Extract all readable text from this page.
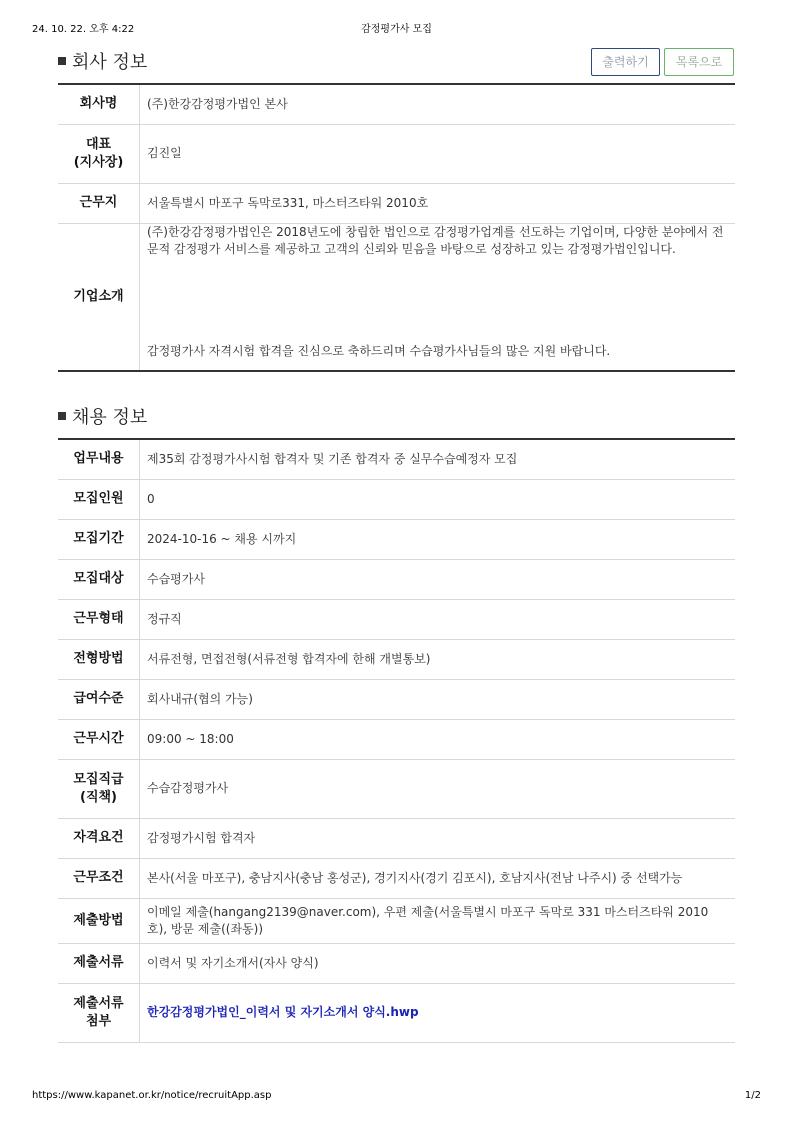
24. 10. 22. 오후 4:22	감정평가사 모집
회사 정보	출력하기	목록으로
회사명	(주)한강감정평가법인 본사

대표
(지사장)	김진일
근무지	서울특별시 마포구 독막로331, 마스터즈타워 2010호
기업소개	(주)한강감정평가법인은 2018년도에 창립한 법인으로 감정평가업계를 선도하는 기업이며, 다양한 분야에서 전문적 감정평가 서비스를 제공하고 고객의 신뢰와 믿음을 바탕으로 성장하고 있는 감정평가법인입니다.
감정평가사 자격시험 합격을 진심으로 축하드리며 수습평가사님들의 많은 지원 바랍니다.
채용 정보
업무내용	제35회 감정평가사시험 합격자 및 기존 합격자 중 실무수습예정자 모집
모집인원	0
모집기간	2024-10-16 ~ 채용 시까지
모집대상	수습평가사
근무형태	정규직
전형방법	서류전형, 면접전형(서류전형 합격자에 한해 개별통보)
급여수준	회사내규(협의 가능)
근무시간	09:00 ~ 18:00

모집직급
(직책)	수습감정평가사
자격요건	감정평가시험 합격자
근무조건	본사(서울 마포구), 충남지사(충남 홍성군), 경기지사(경기 김포시), 호남지사(전남 나주시) 중 선택가능
제출방법	이메일 제출(hangang2139@naver.com), 우편 제출(서울특별시 마포구 독막로 331 마스터즈타워 2010호), 방문 제출((좌동))
제출서류	이력서 및 자기소개서(자사 양식)

제출서류
첨부	한강감정평가법인_이력서 및 자기소개서 양식.hwp
https://www.kapanet.or.kr/notice/recruitApp.asp	1/2
